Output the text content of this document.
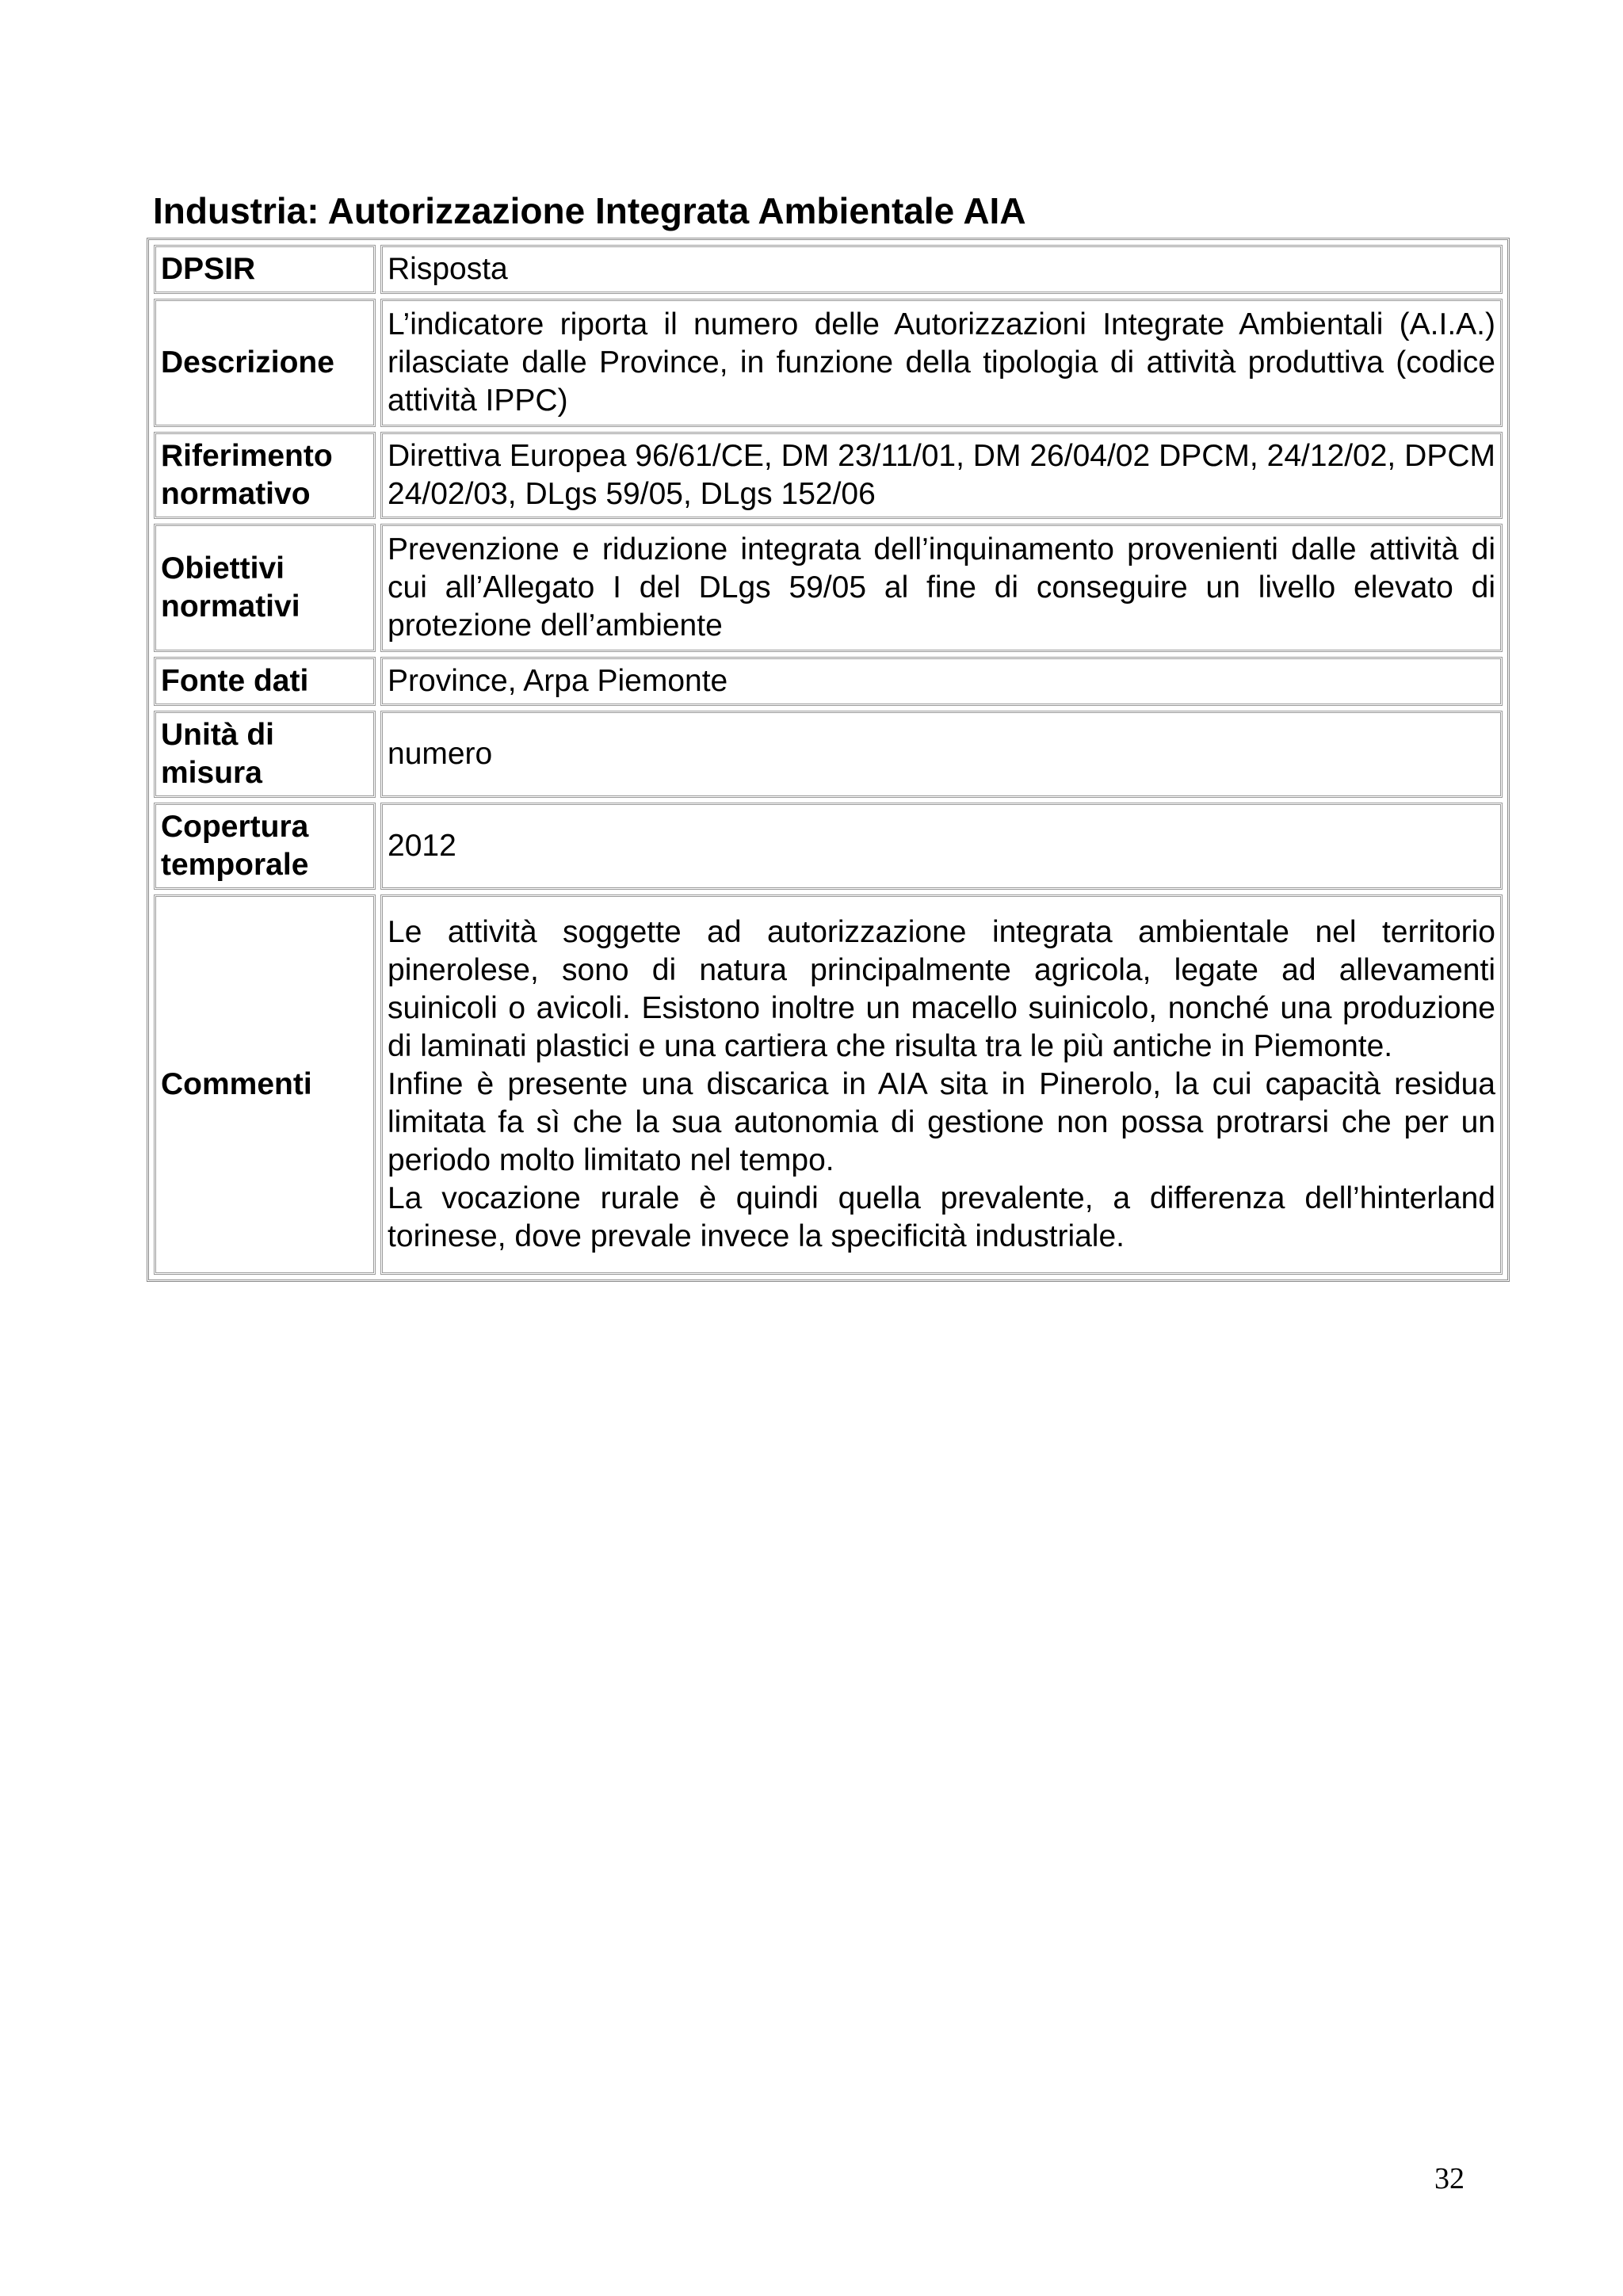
Industria: Autorizzazione Integrata Ambientale AIA
DPSIR	Risposta
Descrizione	L’indicatore riporta il numero delle Autorizzazioni Integrate Ambientali (A.I.A.) rilasciate dalle Province, in funzione della tipologia di attività produttiva (codice attività IPPC)
Riferimento normativo	Direttiva Europea 96/61/CE, DM 23/11/01, DM 26/04/02 DPCM, 24/12/02, DPCM 24/02/03, DLgs 59/05, DLgs 152/06
Obiettivi normativi	Prevenzione e riduzione integrata dell’inquinamento provenienti dalle attività di cui all’Allegato I del DLgs 59/05 al fine di conseguire un livello elevato di protezione dell’ambiente
Fonte dati	Province, Arpa Piemonte
Unità di misura	numero
Copertura temporale	2012
Commenti	Le attività soggette ad autorizzazione integrata ambientale nel territorio pinerolese, sono di natura principalmente agricola, legate ad allevamenti suinicoli o avicoli. Esistono inoltre un macello suinicolo, nonché una produzione di laminati plastici e una cartiera che risulta tra le più antiche in Piemonte.

Infine è presente una discarica in AIA sita in Pinerolo, la cui capacità residua limitata fa sì che la sua autonomia di gestione non possa protrarsi che per un periodo molto limitato nel tempo.

La vocazione rurale è quindi quella prevalente, a differenza dell’hinterland torinese, dove prevale invece la specificità industriale.

32
